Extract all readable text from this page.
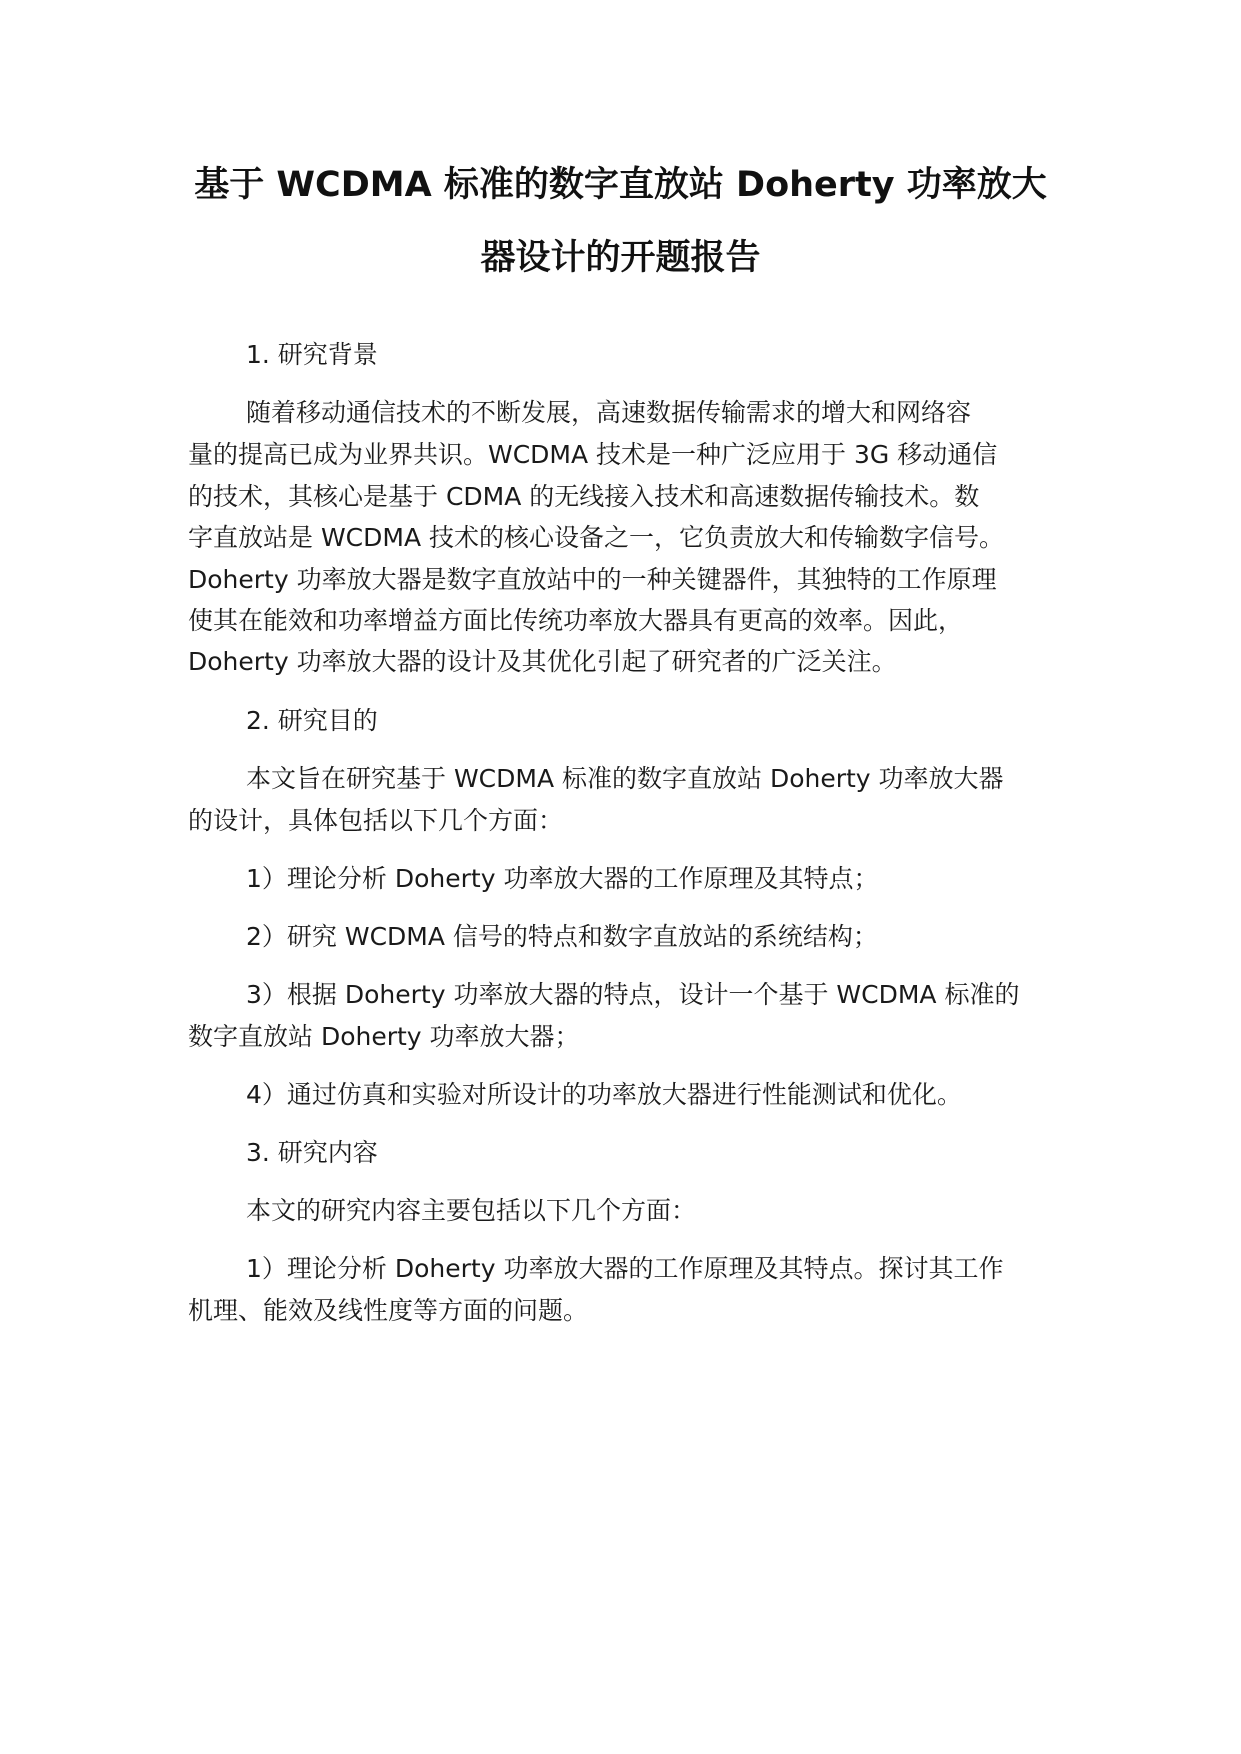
基于 WCDMA 标准的数字直放站 Doherty 功率放大
器设计的开题报告
1. 研究背景
随着移动通信技术的不断发展，高速数据传输需求的增大和网络容
量的提高已成为业界共识。WCDMA 技术是一种广泛应用于 3G 移动通信
的技术，其核心是基于 CDMA 的无线接入技术和高速数据传输技术。数
字直放站是 WCDMA 技术的核心设备之一，它负责放大和传输数字信号。
Doherty 功率放大器是数字直放站中的一种关键器件，其独特的工作原理
使其在能效和功率增益方面比传统功率放大器具有更高的效率。因此，
Doherty 功率放大器的设计及其优化引起了研究者的广泛关注。
2. 研究目的
本文旨在研究基于 WCDMA 标准的数字直放站 Doherty 功率放大器
的设计，具体包括以下几个方面：
1）理论分析 Doherty 功率放大器的工作原理及其特点；
2）研究 WCDMA 信号的特点和数字直放站的系统结构；
3）根据 Doherty 功率放大器的特点，设计一个基于 WCDMA 标准的
数字直放站 Doherty 功率放大器；
4）通过仿真和实验对所设计的功率放大器进行性能测试和优化。
3. 研究内容
本文的研究内容主要包括以下几个方面：
1）理论分析 Doherty 功率放大器的工作原理及其特点。探讨其工作
机理、能效及线性度等方面的问题。
